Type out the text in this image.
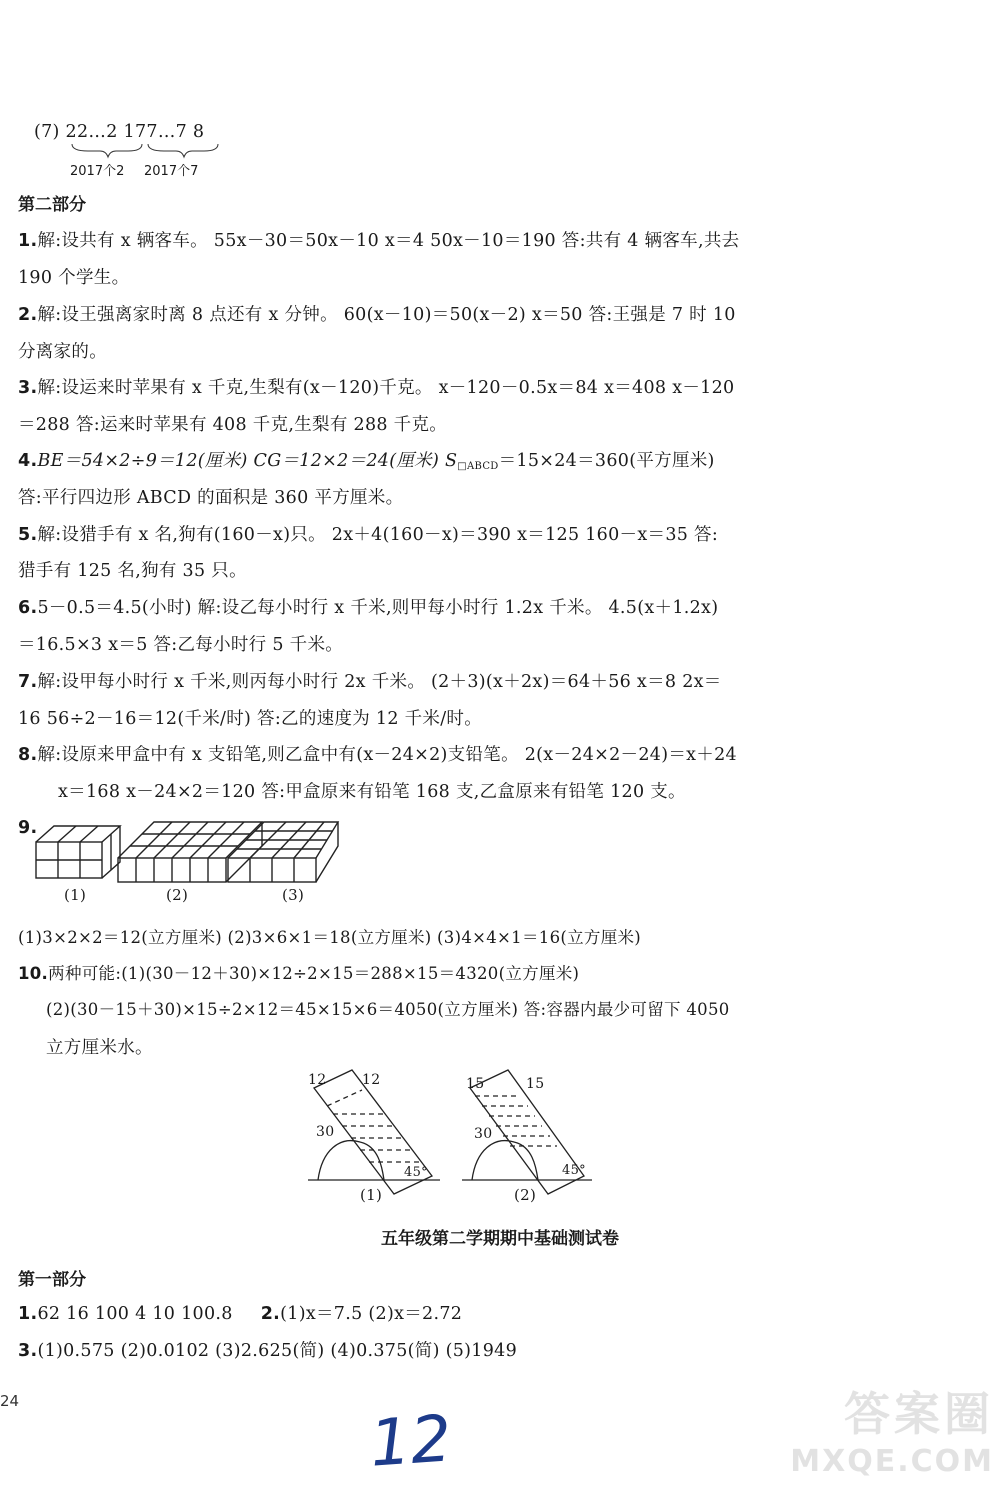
(7) 22…2 177…7 8
2017个2 2017个7
第二部分
1.解:设共有 x 辆客车。 55x－30＝50x－10 x＝4 50x－10＝190 答:共有 4 辆客车,共去
190 个学生。
2.解:设王强离家时离 8 点还有 x 分钟。 60(x－10)＝50(x－2) x＝50 答:王强是 7 时 10
分离家的。
3.解:设运来时苹果有 x 千克,生梨有(x－120)千克。 x－120－0.5x＝84 x＝408 x－120
＝288 答:运来时苹果有 408 千克,生梨有 288 千克。
4.BE＝54×2÷9＝12(厘米) CG＝12×2＝24(厘米) $S_{□ABCD}=15\times 24=360$(平方厘米)
答:平行四边形 ABCD 的面积是 360 平方厘米。
5.解:设猎手有 x 名,狗有(160－x)只。 2x＋4(160－x)＝390 x＝125 160－x＝35 答:
猎手有 125 名,狗有 35 只。
6.5－0.5＝4.5(小时) 解:设乙每小时行 x 千米,则甲每小时行 1.2x 千米。 4.5(x＋1.2x)
＝16.5×3 x＝5 答:乙每小时行 5 千米。
7.解:设甲每小时行 x 千米,则丙每小时行 2x 千米。 (2＋3)(x＋2x)＝64＋56 x＝8 2x＝
16 56÷2－16＝12(千米/时) 答:乙的速度为 12 千米/时。
8.解:设原来甲盒中有 x 支铅笔,则乙盒中有(x－24×2)支铅笔。 2(x－24×2－24)＝x＋24
x＝168 x－24×2＝120 答:甲盒原来有铅笔 168 支,乙盒原来有铅笔 120 支。
9.
(1)	(2)	(3)
(1)3×2×2＝12(立方厘米) (2)3×6×1＝18(立方厘米) (3)4×4×1＝16(立方厘米)
10.两种可能:(1)(30－12＋30)×12÷2×15＝288×15＝4320(立方厘米)
(2)(30－15＋30)×15÷2×12＝45×15×6＝4050(立方厘米) 答:容器内最少可留下 4050
立方厘米水。
12	12
30
45°
(1)
15	15
30
45°
(2)
五年级第二学期期中基础测试卷
第一部分
1.62 16 100 4 10 100.8 2.(1)x＝7.5 (2)x＝2.72
3.(1)0.575 (2)0.0102 (3)2.625(简) (4)0.375(简) (5)1949
24
12	答案圈
MXQE.COM
